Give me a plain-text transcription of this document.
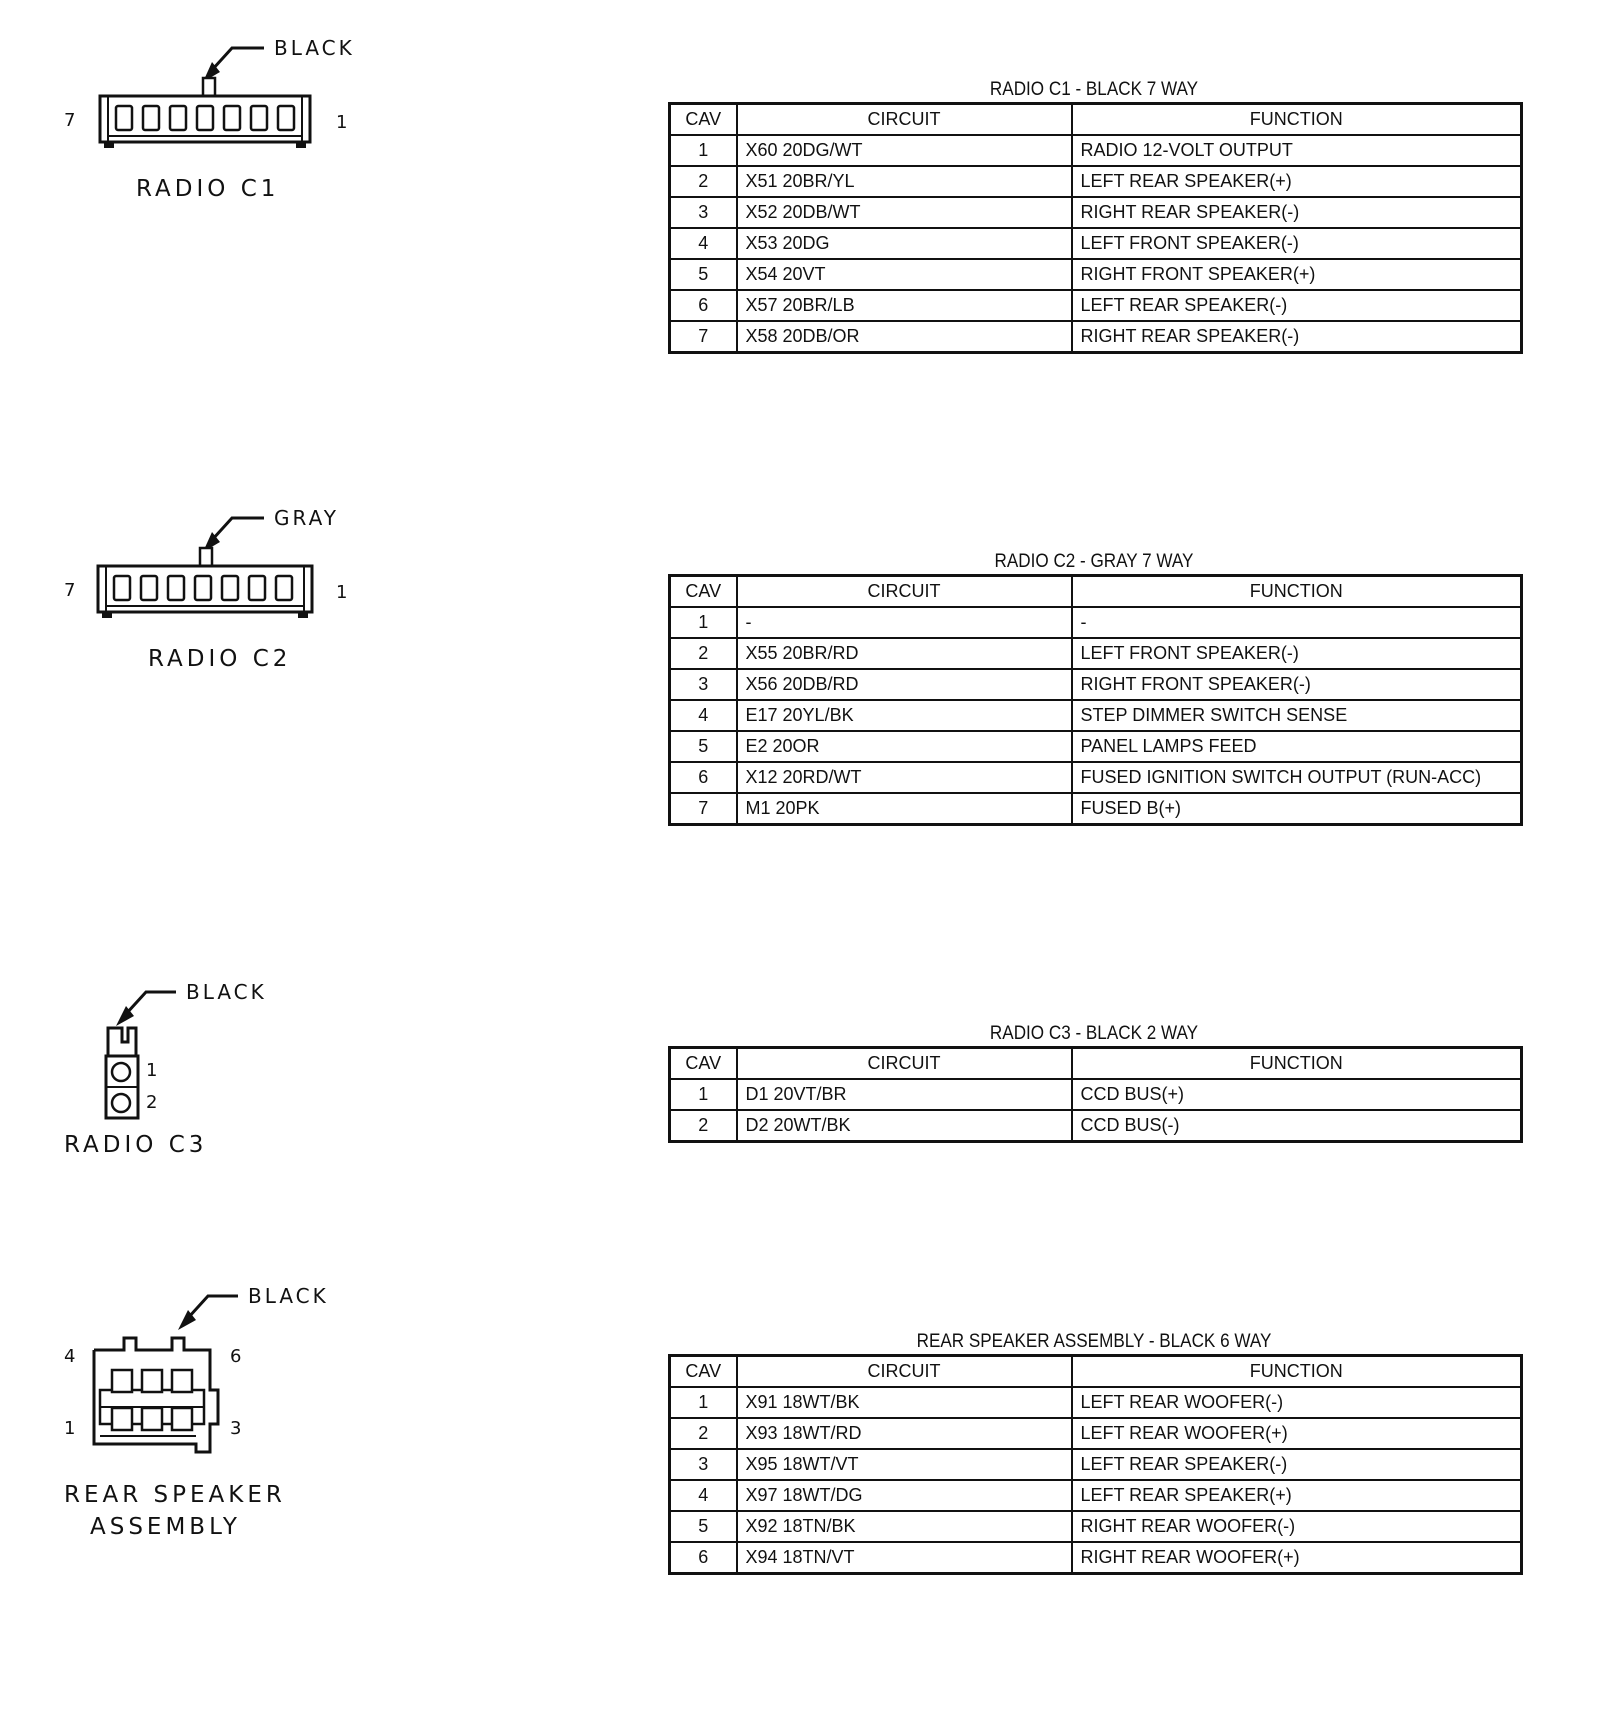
BLACK
7	1
RADIO C1
GRAY
7	1
RADIO C2
BLACK
1
2
RADIO C3
BLACK
4	6
1	3
REAR SPEAKER
ASSEMBLY
RADIO C1 - BLACK 7 WAY
CAV	CIRCUIT	FUNCTION
1	X60 20DG/WT	RADIO 12-VOLT OUTPUT
2	X51 20BR/YL	LEFT REAR SPEAKER(+)
3	X52 20DB/WT	RIGHT REAR SPEAKER(-)
4	X53 20DG	LEFT FRONT SPEAKER(-)
5	X54 20VT	RIGHT FRONT SPEAKER(+)
6	X57 20BR/LB	LEFT REAR SPEAKER(-)
7	X58 20DB/OR	RIGHT REAR SPEAKER(-)
RADIO C2 - GRAY 7 WAY
CAV	CIRCUIT	FUNCTION
1	-	-
2	X55 20BR/RD	LEFT FRONT SPEAKER(-)
3	X56 20DB/RD	RIGHT FRONT SPEAKER(-)
4	E17 20YL/BK	STEP DIMMER SWITCH SENSE
5	E2 20OR	PANEL LAMPS FEED
6	X12 20RD/WT	FUSED IGNITION SWITCH OUTPUT (RUN-ACC)
7	M1 20PK	FUSED B(+)
RADIO C3 - BLACK 2 WAY
CAV	CIRCUIT	FUNCTION
1	D1 20VT/BR	CCD BUS(+)
2	D2 20WT/BK	CCD BUS(-)
REAR SPEAKER ASSEMBLY - BLACK 6 WAY
CAV	CIRCUIT	FUNCTION
1	X91 18WT/BK	LEFT REAR WOOFER(-)
2	X93 18WT/RD	LEFT REAR WOOFER(+)
3	X95 18WT/VT	LEFT REAR SPEAKER(-)
4	X97 18WT/DG	LEFT REAR SPEAKER(+)
5	X92 18TN/BK	RIGHT REAR WOOFER(-)
6	X94 18TN/VT	RIGHT REAR WOOFER(+)
